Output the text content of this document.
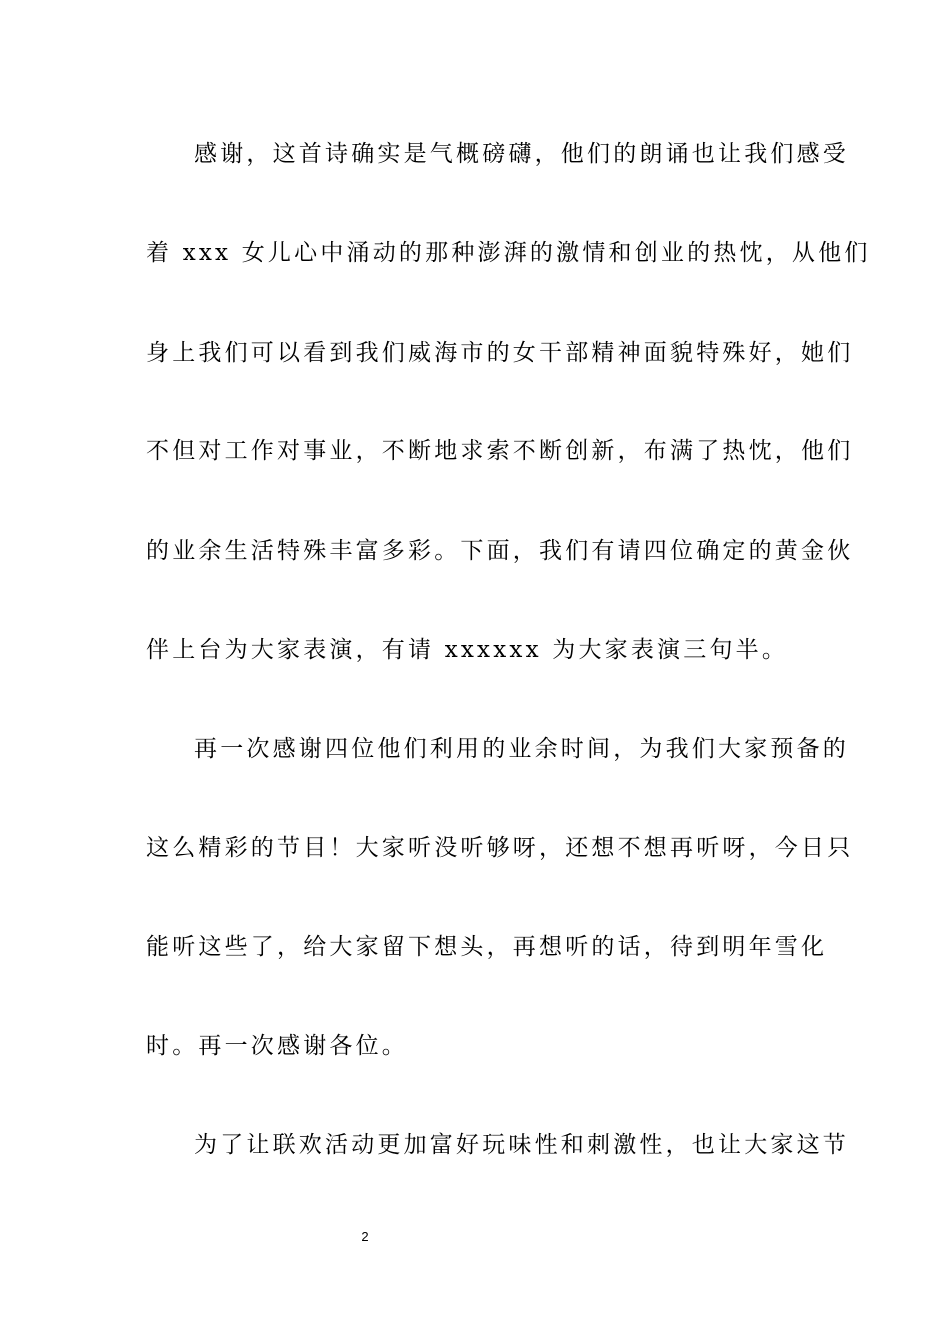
感谢，这首诗确实是气概磅礴，他们的朗诵也让我们感受
着 xxx 女儿心中涌动的那种澎湃的激情和创业的热忱，从他们
身上我们可以看到我们威海市的女干部精神面貌特殊好，她们
不但对工作对事业，不断地求索不断创新，布满了热忱，他们
的业余生活特殊丰富多彩。下面，我们有请四位确定的黄金伙
伴上台为大家表演，有请 xxxxxx 为大家表演三句半。
再一次感谢四位他们利用的业余时间，为我们大家预备的
这么精彩的节目！大家听没听够呀，还想不想再听呀，今日只
能听这些了，给大家留下想头，再想听的话，待到明年雪化
时。再一次感谢各位。
为了让联欢活动更加富好玩味性和刺激性，也让大家这节
2
